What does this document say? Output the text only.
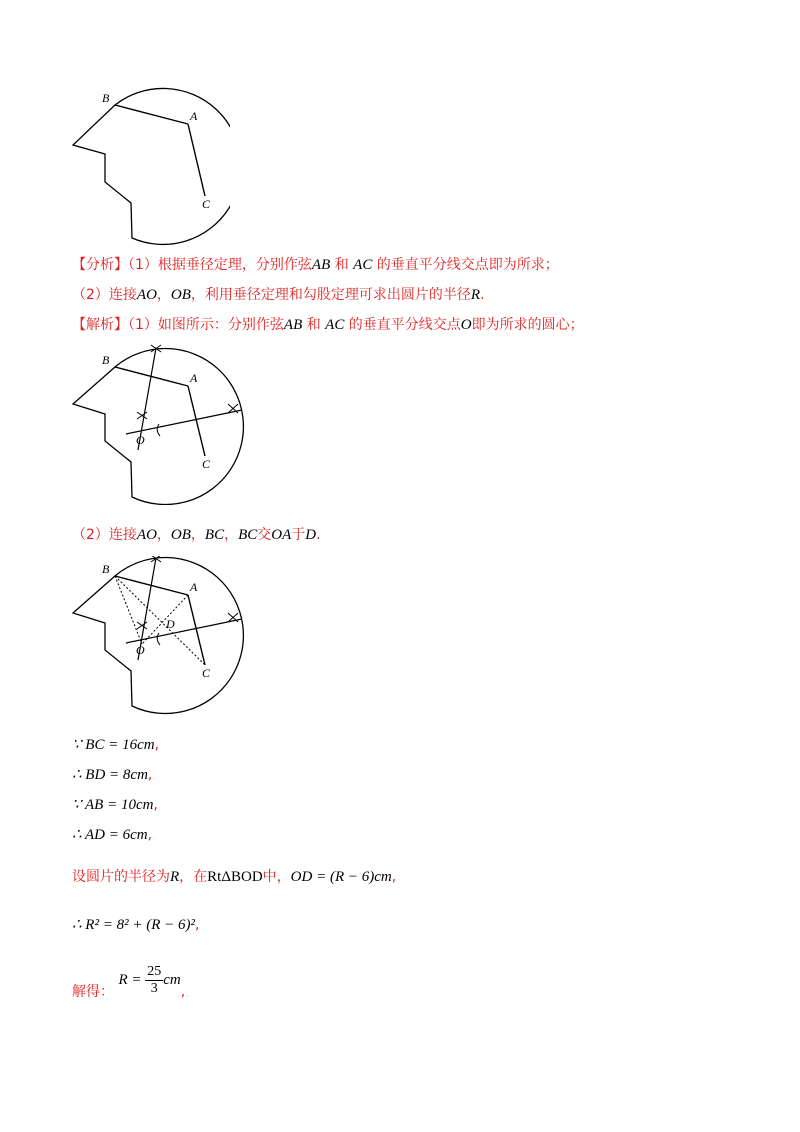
B
A
C
【分析】（1）根据垂径定理，分别作弦AB 和 AC 的垂直平分线交点即为所求；
（2）连接AO，OB，利用垂径定理和勾股定理可求出圆片的半径R.
【解析】（1）如图所示：分别作弦AB 和 AC 的垂直平分线交点O即为所求的圆心；
B
A
C
O
（2）连接AO，OB，BC，BC交OA于D.
B
A
C
O
D
∵ BC = 16cm,
∴ BD = 8cm,
∵ AB = 10cm,
∴ AD = 6cm,
设圆片的半径为R，在RtΔBOD中，OD = (R − 6)cm,
∴ R² = 8² + (R − 6)²,
解得： $R = \frac{25}{3}$ cm,
